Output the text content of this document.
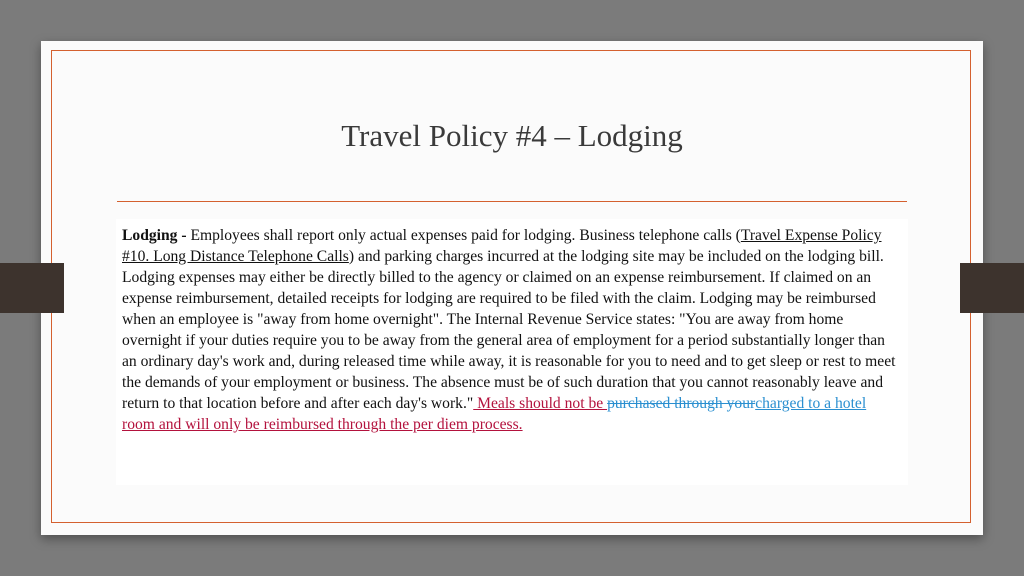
Travel Policy #4 – Lodging
Lodging - Employees shall report only actual expenses paid for lodging. Business telephone calls (Travel Expense Policy #10. Long Distance Telephone Calls) and parking charges incurred at the lodging site may be included on the lodging bill. Lodging expenses may either be directly billed to the agency or claimed on an expense reimbursement. If claimed on an expense reimbursement, detailed receipts for lodging are required to be filed with the claim. Lodging may be reimbursed when an employee is "away from home overnight". The Internal Revenue Service states: "You are away from home overnight if your duties require you to be away from the general area of employment for a period substantially longer than an ordinary day's work and, during released time while away, it is reasonable for you to need and to get sleep or rest to meet the demands of your employment or business. The absence must be of such duration that you cannot reasonably leave and return to that location before and after each day's work." Meals should not be purchased through yourcharged to a hotel room and will only be reimbursed through the per diem process.
